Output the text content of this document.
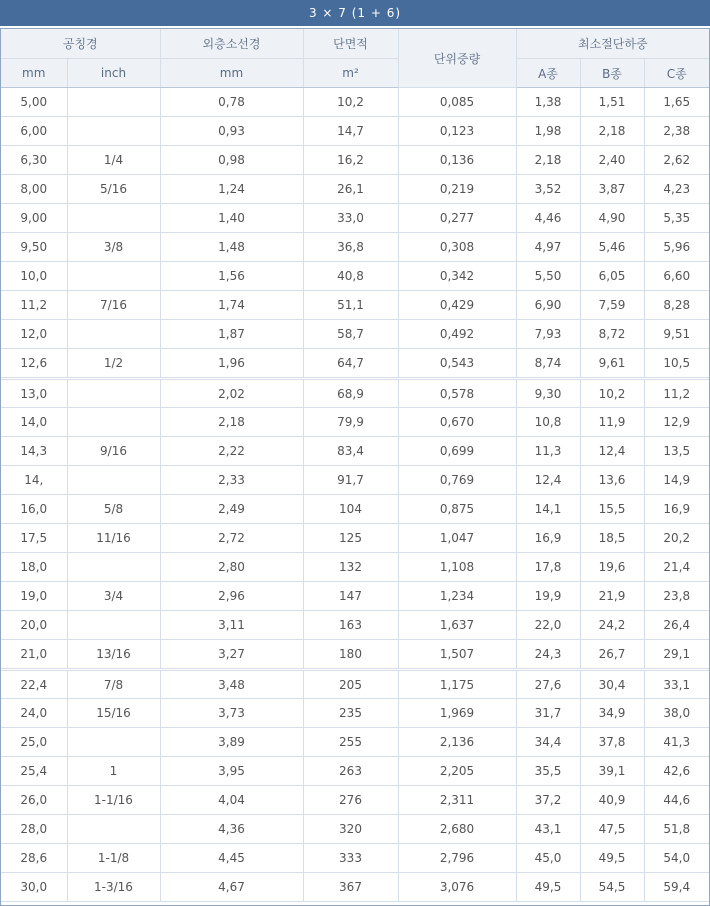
3 × 7 (1 + 6)
공칭경		외층소선경	단면적	단위중량	최소절단하중		
mm	inch	mm	m²		A종	B종	C종
5,00		0,78	10,2	0,085	1,38	1,51	1,65
6,00		0,93	14,7	0,123	1,98	2,18	2,38
6,30	1/4	0,98	16,2	0,136	2,18	2,40	2,62
8,00	5/16	1,24	26,1	0,219	3,52	3,87	4,23
9,00		1,40	33,0	0,277	4,46	4,90	5,35
9,50	3/8	1,48	36,8	0,308	4,97	5,46	5,96
10,0		1,56	40,8	0,342	5,50	6,05	6,60
11,2	7/16	1,74	51,1	0,429	6,90	7,59	8,28
12,0		1,87	58,7	0,492	7,93	8,72	9,51
12,6	1/2	1,96	64,7	0,543	8,74	9,61	10,5
13,0		2,02	68,9	0,578	9,30	10,2	11,2
14,0		2,18	79,9	0,670	10,8	11,9	12,9
14,3	9/16	2,22	83,4	0,699	11,3	12,4	13,5
14,		2,33	91,7	0,769	12,4	13,6	14,9
16,0	5/8	2,49	104	0,875	14,1	15,5	16,9
17,5	11/16	2,72	125	1,047	16,9	18,5	20,2
18,0		2,80	132	1,108	17,8	19,6	21,4
19,0	3/4	2,96	147	1,234	19,9	21,9	23,8
20,0		3,11	163	1,637	22,0	24,2	26,4
21,0	13/16	3,27	180	1,507	24,3	26,7	29,1
22,4	7/8	3,48	205	1,175	27,6	30,4	33,1
24,0	15/16	3,73	235	1,969	31,7	34,9	38,0
25,0		3,89	255	2,136	34,4	37,8	41,3
25,4	1	3,95	263	2,205	35,5	39,1	42,6
26,0	1-1/16	4,04	276	2,311	37,2	40,9	44,6
28,0		4,36	320	2,680	43,1	47,5	51,8
28,6	1-1/8	4,45	333	2,796	45,0	49,5	54,0
30,0	1-3/16	4,67	367	3,076	49,5	54,5	59,4
